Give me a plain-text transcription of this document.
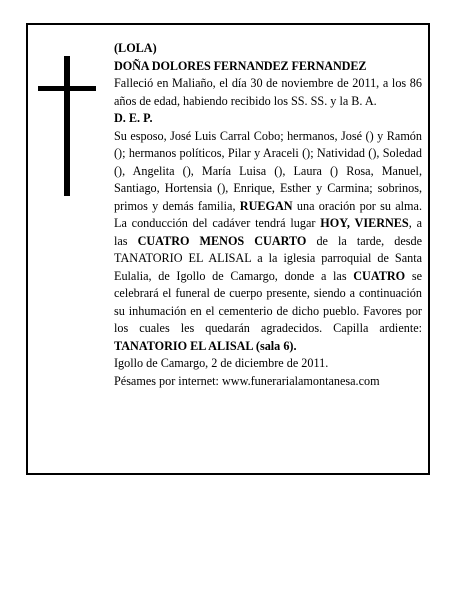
(LOLA)

DOÑA DOLORES FERNANDEZ FERNANDEZ

Falleció en Maliaño, el día 30 de noviembre de 2011, a los 86 años de edad, habiendo recibido los SS. SS. y la B. A.

D. E. P.

Su esposo, José Luis Carral Cobo; hermanos, José () y Ramón (); hermanos políticos, Pilar y Araceli (); Natividad (), Soledad (), Angelita (), María Luisa (), Laura () Rosa, Manuel, Santiago, Hortensia (), Enrique, Esther y Carmina; sobrinos, primos y demás familia, RUEGAN una oración por su alma. La conducción del cadáver tendrá lugar HOY, VIERNES, a las CUATRO MENOS CUARTO de la tarde, desde TANATORIO EL ALISAL a la iglesia parroquial de Santa Eulalia, de Igollo de Camargo, donde a las CUATRO se celebrará el funeral de cuerpo presente, siendo a continuación su inhumación en el cementerio de dicho pueblo. Favores por los cuales les quedarán agradecidos. Capilla ardiente: TANATORIO EL ALISAL (sala 6).

Igollo de Camargo, 2 de diciembre de 2011.

Pésames por internet: www.funerarialamontanesa.com
